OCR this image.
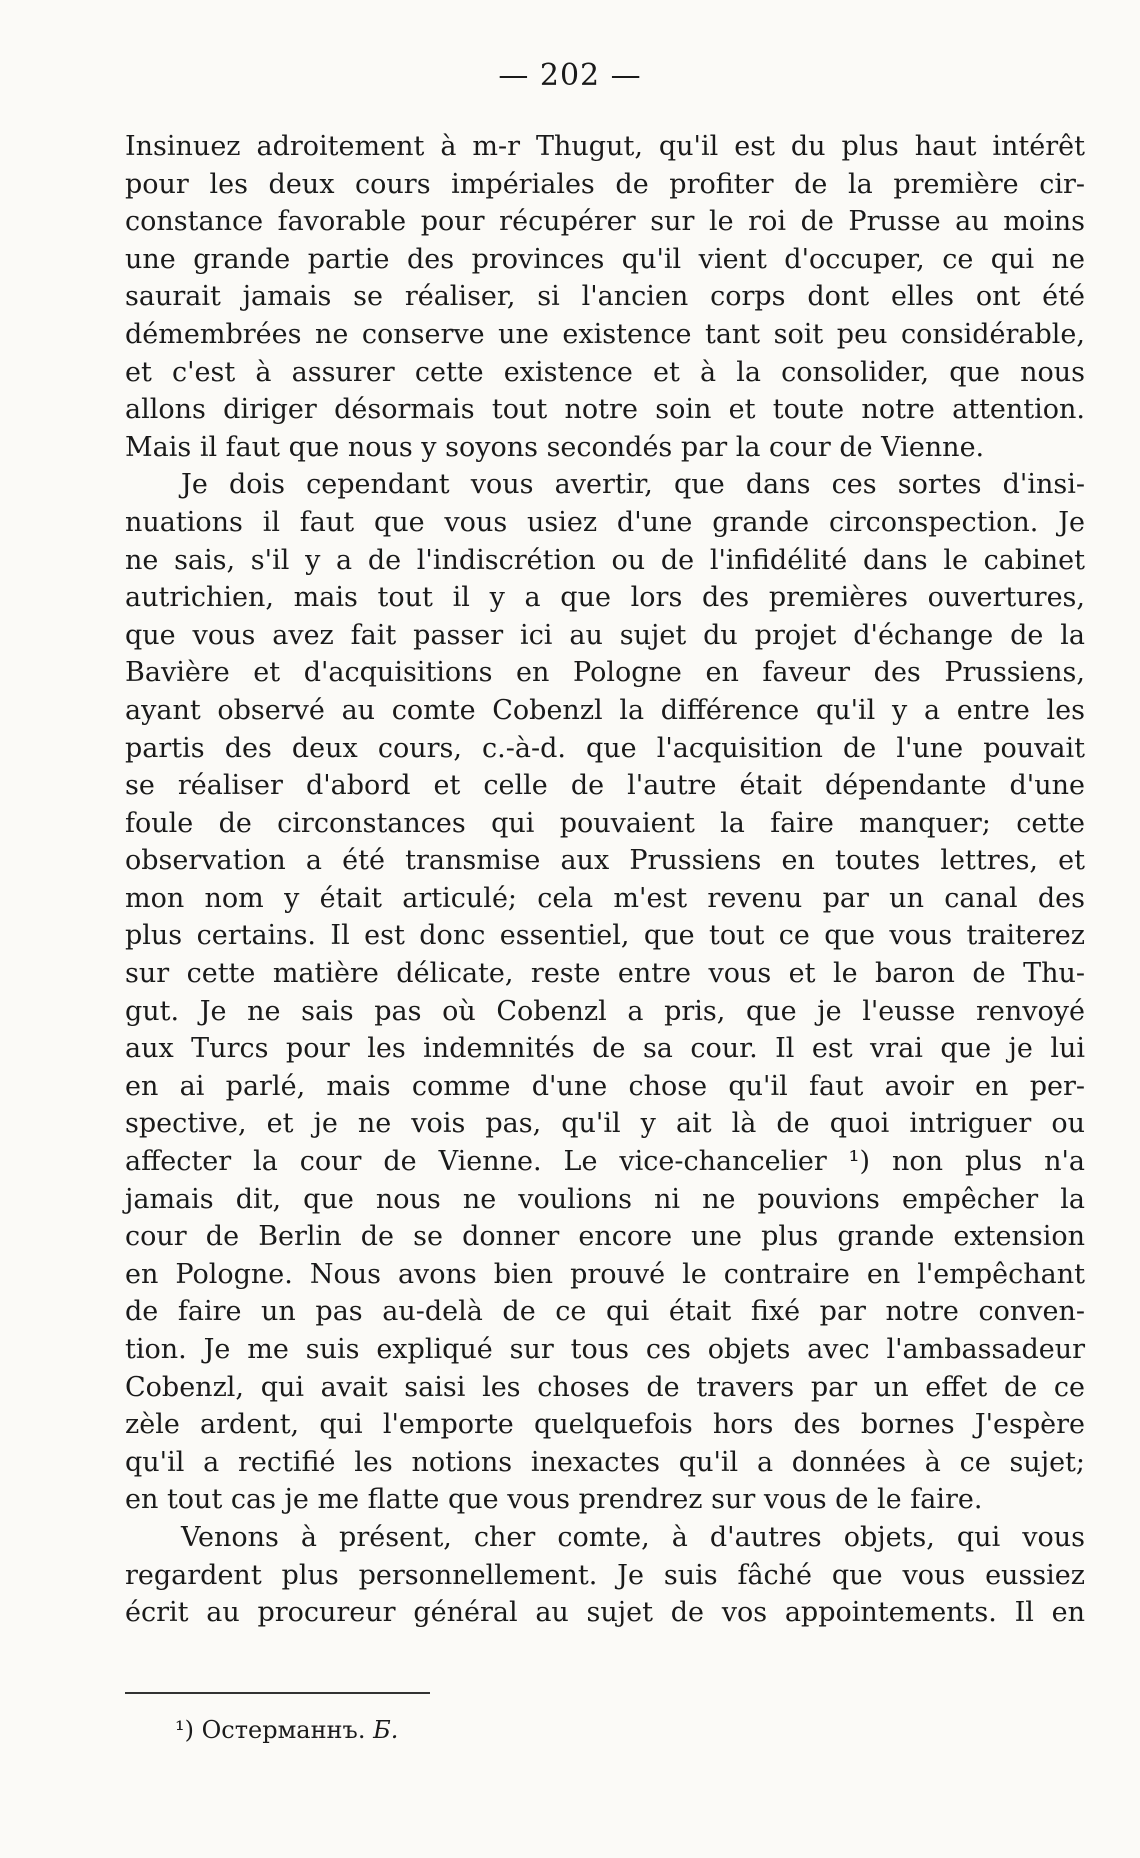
— 202 —
Insinuez adroitement à m-r Thugut, qu'il est du plus haut intérêt
pour les deux cours impériales de profiter de la première cir-
constance favorable pour récupérer sur le roi de Prusse au moins
une grande partie des provinces qu'il vient d'occuper, ce qui ne
saurait jamais se réaliser, si l'ancien corps dont elles ont été
démembrées ne conserve une existence tant soit peu considérable,
et c'est à assurer cette existence et à la consolider, que nous
allons diriger désormais tout notre soin et toute notre attention.
Mais il faut que nous y soyons secondés par la cour de Vienne.
Je dois cependant vous avertir, que dans ces sortes d'insi-
nuations il faut que vous usiez d'une grande circonspection. Je
ne sais, s'il y a de l'indiscrétion ou de l'infidélité dans le cabinet
autrichien, mais tout il y a que lors des premières ouvertures,
que vous avez fait passer ici au sujet du projet d'échange de la
Bavière et d'acquisitions en Pologne en faveur des Prussiens,
ayant observé au comte Cobenzl la différence qu'il y a entre les
partis des deux cours, c.-à-d. que l'acquisition de l'une pouvait
se réaliser d'abord et celle de l'autre était dépendante d'une
foule de circonstances qui pouvaient la faire manquer; cette
observation a été transmise aux Prussiens en toutes lettres, et
mon nom y était articulé; cela m'est revenu par un canal des
plus certains. Il est donc essentiel, que tout ce que vous traiterez
sur cette matière délicate, reste entre vous et le baron de Thu-
gut. Je ne sais pas où Cobenzl a pris, que je l'eusse renvoyé
aux Turcs pour les indemnités de sa cour. Il est vrai que je lui
en ai parlé, mais comme d'une chose qu'il faut avoir en per-
spective, et je ne vois pas, qu'il y ait là de quoi intriguer ou
affecter la cour de Vienne. Le vice-chancelier ¹) non plus n'a
jamais dit, que nous ne voulions ni ne pouvions empêcher la
cour de Berlin de se donner encore une plus grande extension
en Pologne. Nous avons bien prouvé le contraire en l'empêchant
de faire un pas au-delà de ce qui était fixé par notre conven-
tion. Je me suis expliqué sur tous ces objets avec l'ambassadeur
Cobenzl, qui avait saisi les choses de travers par un effet de ce
zèle ardent, qui l'emporte quelquefois hors des bornes J'espère
qu'il a rectifié les notions inexactes qu'il a données à ce sujet;
en tout cas je me flatte que vous prendrez sur vous de le faire.
Venons à présent, cher comte, à d'autres objets, qui vous
regardent plus personnellement. Je suis fâché que vous eussiez
écrit au procureur général au sujet de vos appointements. Il en
¹) Остерманнъ. Б.
